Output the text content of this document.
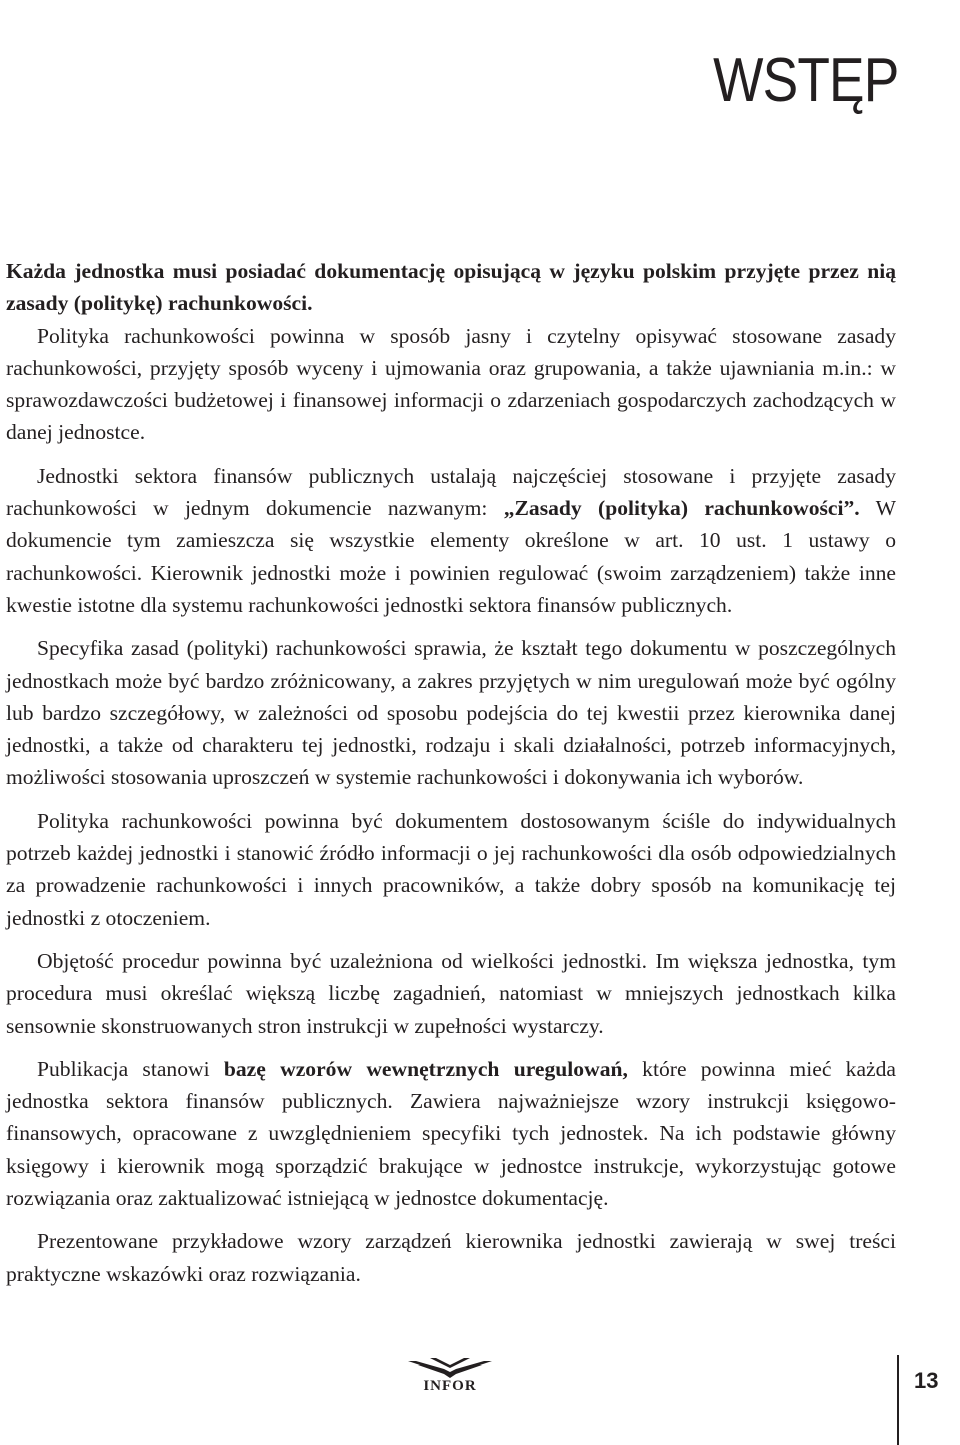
WSTĘP

Każda jednostka musi posiadać dokumentację opisującą w języku polskim przyjęte przez nią zasady (politykę) rachunkowości.

Polityka rachunkowości powinna w sposób jasny i czytelny opisywać stosowane zasady rachunkowości, przyjęty sposób wyceny i ujmowania oraz grupowania, a także ujawniania m.in.: w sprawozdawczości budżetowej i finansowej informacji o zdarzeniach gospodarczych zachodzących w danej jednostce.

Jednostki sektora finansów publicznych ustalają najczęściej stosowane i przyjęte zasady rachunkowości w jednym dokumencie nazwanym: „Zasady (polityka) rachunkowości”. W dokumencie tym zamieszcza się wszystkie elementy określone w art. 10 ust. 1 ustawy o rachunkowości. Kierownik jednostki może i powinien regulować (swoim zarządzeniem) także inne kwestie istotne dla systemu rachunkowości jednostki sektora finansów publicznych.

Specyfika zasad (polityki) rachunkowości sprawia, że kształt tego dokumentu w poszczególnych jednostkach może być bardzo zróżnicowany, a zakres przyjętych w nim uregulowań może być ogólny lub bardzo szczegółowy, w zależności od sposobu podejścia do tej kwestii przez kierownika danej jednostki, a także od charakteru tej jednostki, rodzaju i skali działalności, potrzeb informacyjnych, możliwości stosowania uproszczeń w systemie rachunkowości i dokonywania ich wyborów.

Polityka rachunkowości powinna być dokumentem dostosowanym ściśle do indywidualnych potrzeb każdej jednostki i stanowić źródło informacji o jej rachunkowości dla osób odpowiedzialnych za prowadzenie rachunkowości i innych pracowników, a także dobry sposób na komunikację tej jednostki z otoczeniem.

Objętość procedur powinna być uzależniona od wielkości jednostki. Im większa jednostka, tym procedura musi określać większą liczbę zagadnień, natomiast w mniejszych jednostkach kilka sensownie skonstruowanych stron instrukcji w zupełności wystarczy.

Publikacja stanowi bazę wzorów wewnętrznych uregulowań, które powinna mieć każda jednostka sektora finansów publicznych. Zawiera najważniejsze wzory instrukcji księgowo-finansowych, opracowane z uwzględnieniem specyfiki tych jednostek. Na ich podstawie główny księgowy i kierownik mogą sporządzić brakujące w jednostce instrukcje, wykorzystując gotowe rozwiązania oraz zaktualizować istniejącą w jednostce dokumentację.

Prezentowane przykładowe wzory zarządzeń kierownika jednostki zawierają w swej treści praktyczne wskazówki oraz rozwiązania.

INFOR	13
